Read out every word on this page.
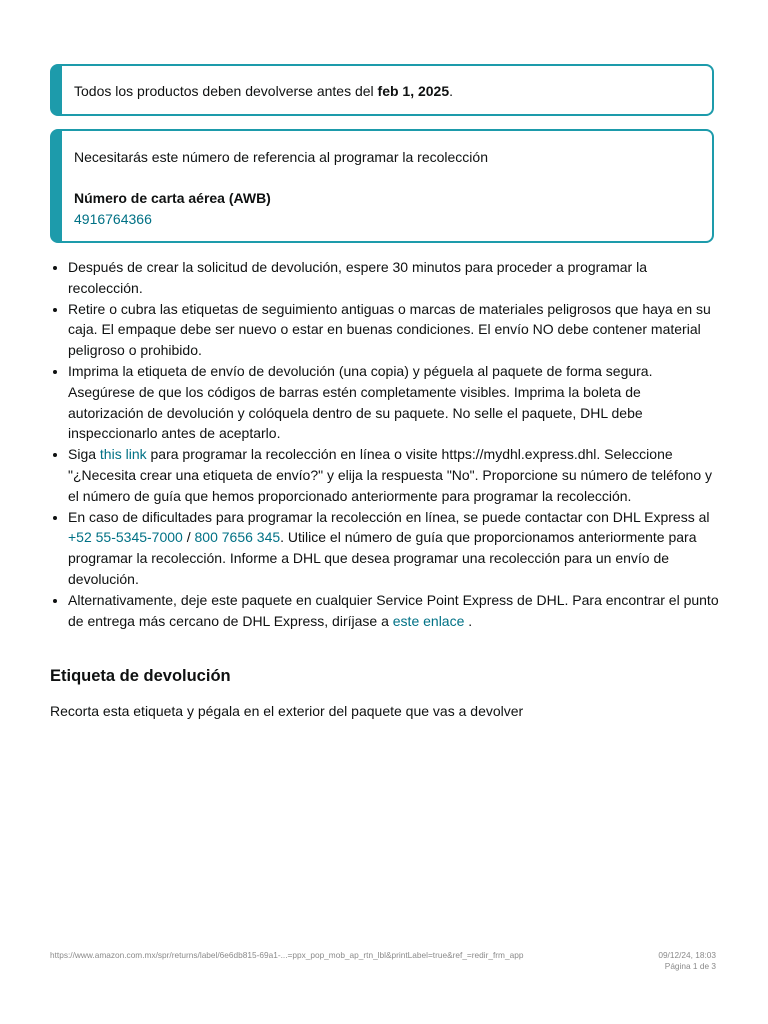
Todos los productos deben devolverse antes del feb 1, 2025.
Necesitarás este número de referencia al programar la recolección
Número de carta aérea (AWB)
4916764366
• Después de crear la solicitud de devolución, espere 30 minutos para proceder a programar la recolección.
• Retire o cubra las etiquetas de seguimiento antiguas o marcas de materiales peligrosos que haya en su caja. El empaque debe ser nuevo o estar en buenas condiciones. El envío NO debe contener material peligroso o prohibido.
• Imprima la etiqueta de envío de devolución (una copia) y péguela al paquete de forma segura. Asegúrese de que los códigos de barras estén completamente visibles. Imprima la boleta de autorización de devolución y colóquela dentro de su paquete. No selle el paquete, DHL debe inspeccionarlo antes de aceptarlo.
• Siga this link para programar la recolección en línea o visite https://mydhl.express.dhl. Seleccione "¿Necesita crear una etiqueta de envío?" y elija la respuesta "No". Proporcione su número de teléfono y el número de guía que hemos proporcionado anteriormente para programar la recolección.
• En caso de dificultades para programar la recolección en línea, se puede contactar con DHL Express al +52 55-5345-7000 / 800 7656 345. Utilice el número de guía que proporcionamos anteriormente para programar la recolección. Informe a DHL que desea programar una recolección para un envío de devolución.
• Alternativamente, deje este paquete en cualquier Service Point Express de DHL. Para encontrar el punto de entrega más cercano de DHL Express, diríjase a este enlace .
Etiqueta de devolución
Recorta esta etiqueta y pégala en el exterior del paquete que vas a devolver
https://www.amazon.com.mx/spr/returns/label/6e6db815-69a1-...=ppx_pop_mob_ap_rtn_lbl&printLabel=true&ref_=redir_frm_app	09/12/24, 18:03
Página 1 de 3
